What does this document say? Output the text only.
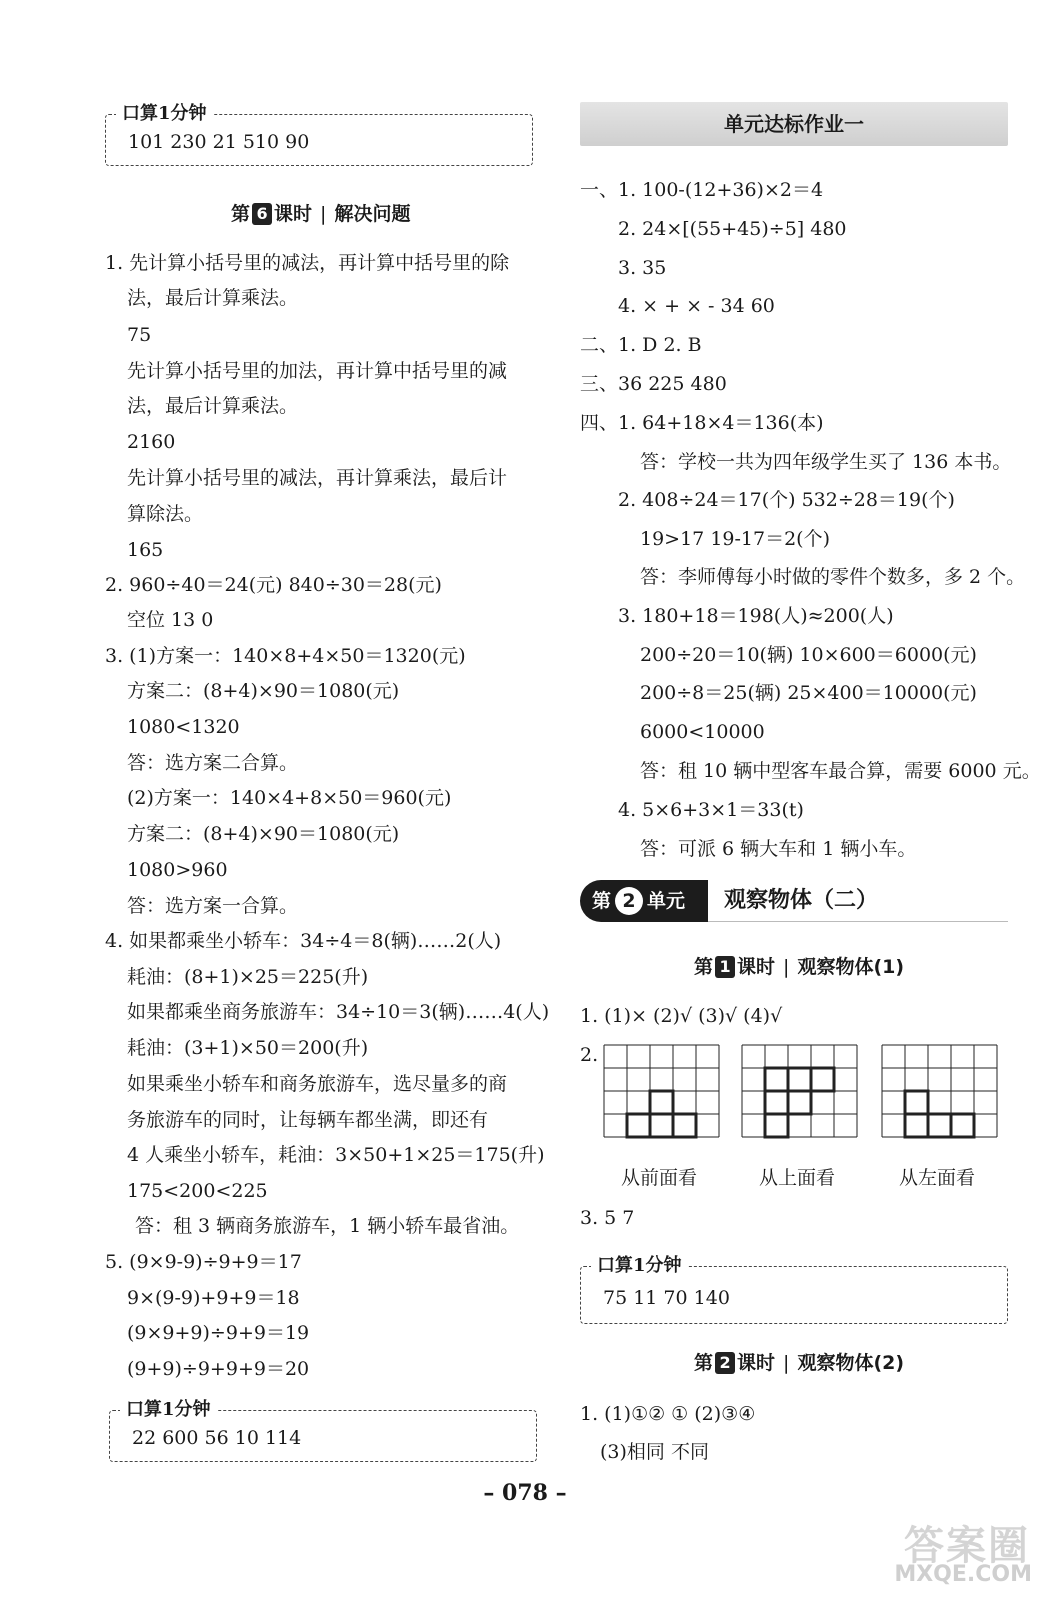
口算1分钟
101 230 21 510 90
第 6 课时 | 解决问题
1. 先计算小括号里的减法，再计算中括号里的除
法，最后计算乘法。
75
先计算小括号里的加法，再计算中括号里的减
法，最后计算乘法。
2160
先计算小括号里的减法，再计算乘法，最后计
算除法。
165
2. 960÷40＝24(元) 840÷30＝28(元)
空位 13 0
3. (1)方案一：140×8+4×50＝1320(元)
方案二：(8+4)×90＝1080(元)
1080<1320
答：选方案二合算。
(2)方案一：140×4+8×50＝960(元)
方案二：(8+4)×90＝1080(元)
1080>960
答：选方案一合算。
4. 如果都乘坐小轿车：34÷4＝8(辆)……2(人)
耗油：(8+1)×25＝225(升)
如果都乘坐商务旅游车：34÷10＝3(辆)……4(人)
耗油：(3+1)×50＝200(升)
如果乘坐小轿车和商务旅游车，选尽量多的商
务旅游车的同时，让每辆车都坐满，即还有
4 人乘坐小轿车，耗油：3×50+1×25＝175(升)
175<200<225
答：租 3 辆商务旅游车，1 辆小轿车最省油。
5. (9×9-9)÷9+9＝17
9×(9-9)+9+9＝18
(9×9+9)÷9+9＝19
(9+9)÷9+9+9＝20
口算1分钟
22 600 56 10 114
单元达标作业一
一、1. 100-(12+36)×2＝4
2. 24×[(55+45)÷5] 480
3. 35
4. × + × - 34 60
二、1. D 2. B
三、36 225 480
四、1. 64+18×4＝136(本)
答：学校一共为四年级学生买了 136 本书。
2. 408÷24＝17(个) 532÷28＝19(个)
19>17 19-17＝2(个)
答：李师傅每小时做的零件个数多，多 2 个。
3. 180+18＝198(人)≈200(人)
200÷20＝10(辆) 10×600＝6000(元)
200÷8＝25(辆) 25×400＝10000(元)
6000<10000
答：租 10 辆中型客车最合算，需要 6000 元。
4. 5×6+3×1＝33(t)
答：可派 6 辆大车和 1 辆小车。
第 2 单元	观察物体（二）
第 1 课时 | 观察物体(1)
1. (1)× (2)√ (3)√ (4)√
2.
从前面看	从上面看	从左面看
3. 5 7
口算1分钟
75 11 70 140
第 2 课时 | 观察物体(2)
1. (1)①② ① (2)③④
(3)相同 不同
– 078 –
答案圈
MXQE.COM
